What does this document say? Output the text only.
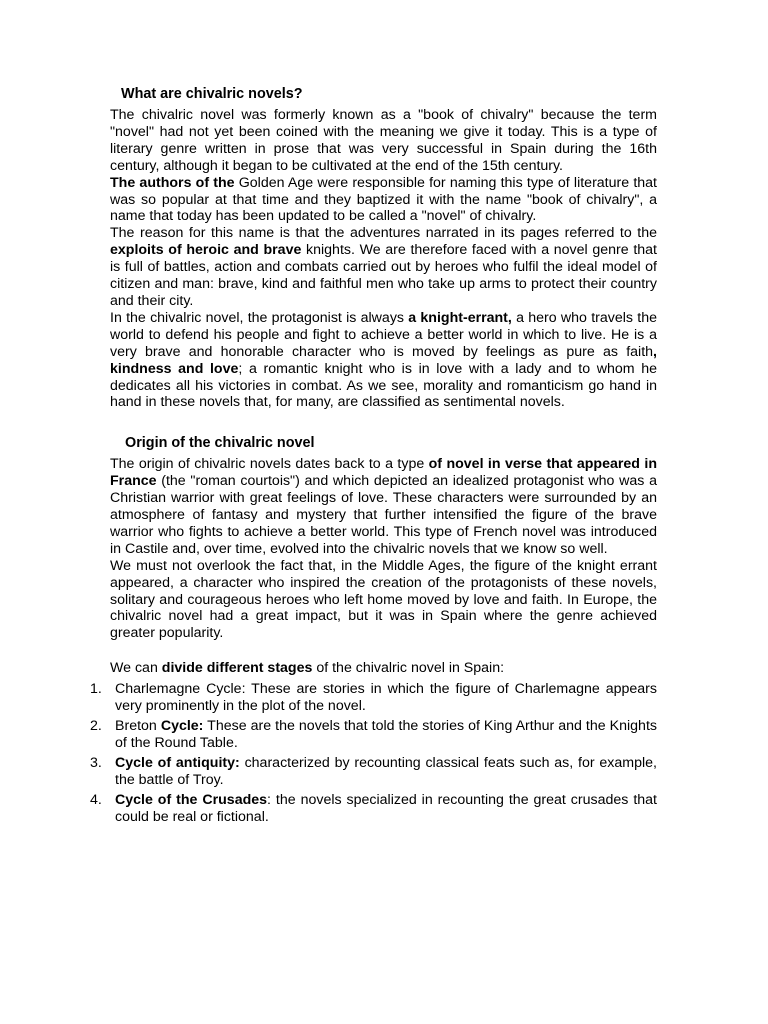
What are chivalric novels?

The chivalric novel was formerly known as a "book of chivalry" because the term "novel" had not yet been coined with the meaning we give it today. This is a type of literary genre written in prose that was very successful in Spain during the 16th century, although it began to be cultivated at the end of the 15th century.

The authors of the Golden Age were responsible for naming this type of literature that was so popular at that time and they baptized it with the name "book of chivalry", a name that today has been updated to be called a "novel" of chivalry.

The reason for this name is that the adventures narrated in its pages referred to the exploits of heroic and brave knights. We are therefore faced with a novel genre that is full of battles, action and combats carried out by heroes who fulfil the ideal model of citizen and man: brave, kind and faithful men who take up arms to protect their country and their city.

In the chivalric novel, the protagonist is always a knight-errant, a hero who travels the world to defend his people and fight to achieve a better world in which to live. He is a very brave and honorable character who is moved by feelings as pure as faith, kindness and love; a romantic knight who is in love with a lady and to whom he dedicates all his victories in combat. As we see, morality and romanticism go hand in hand in these novels that, for many, are classified as sentimental novels.

Origin of the chivalric novel

The origin of chivalric novels dates back to a type of novel in verse that appeared in France (the "roman courtois") and which depicted an idealized protagonist who was a Christian warrior with great feelings of love. These characters were surrounded by an atmosphere of fantasy and mystery that further intensified the figure of the brave warrior who fights to achieve a better world. This type of French novel was introduced in Castile and, over time, evolved into the chivalric novels that we know so well.

We must not overlook the fact that, in the Middle Ages, the figure of the knight errant appeared, a character who inspired the creation of the protagonists of these novels, solitary and courageous heroes who left home moved by love and faith. In Europe, the chivalric novel had a great impact, but it was in Spain where the genre achieved greater popularity.

We can divide different stages of the chivalric novel in Spain:

1. Charlemagne Cycle: These are stories in which the figure of Charlemagne appears very prominently in the plot of the novel.
2. Breton Cycle: These are the novels that told the stories of King Arthur and the Knights of the Round Table.
3. Cycle of antiquity: characterized by recounting classical feats such as, for example, the battle of Troy.
4. Cycle of the Crusades: the novels specialized in recounting the great crusades that could be real or fictional.
